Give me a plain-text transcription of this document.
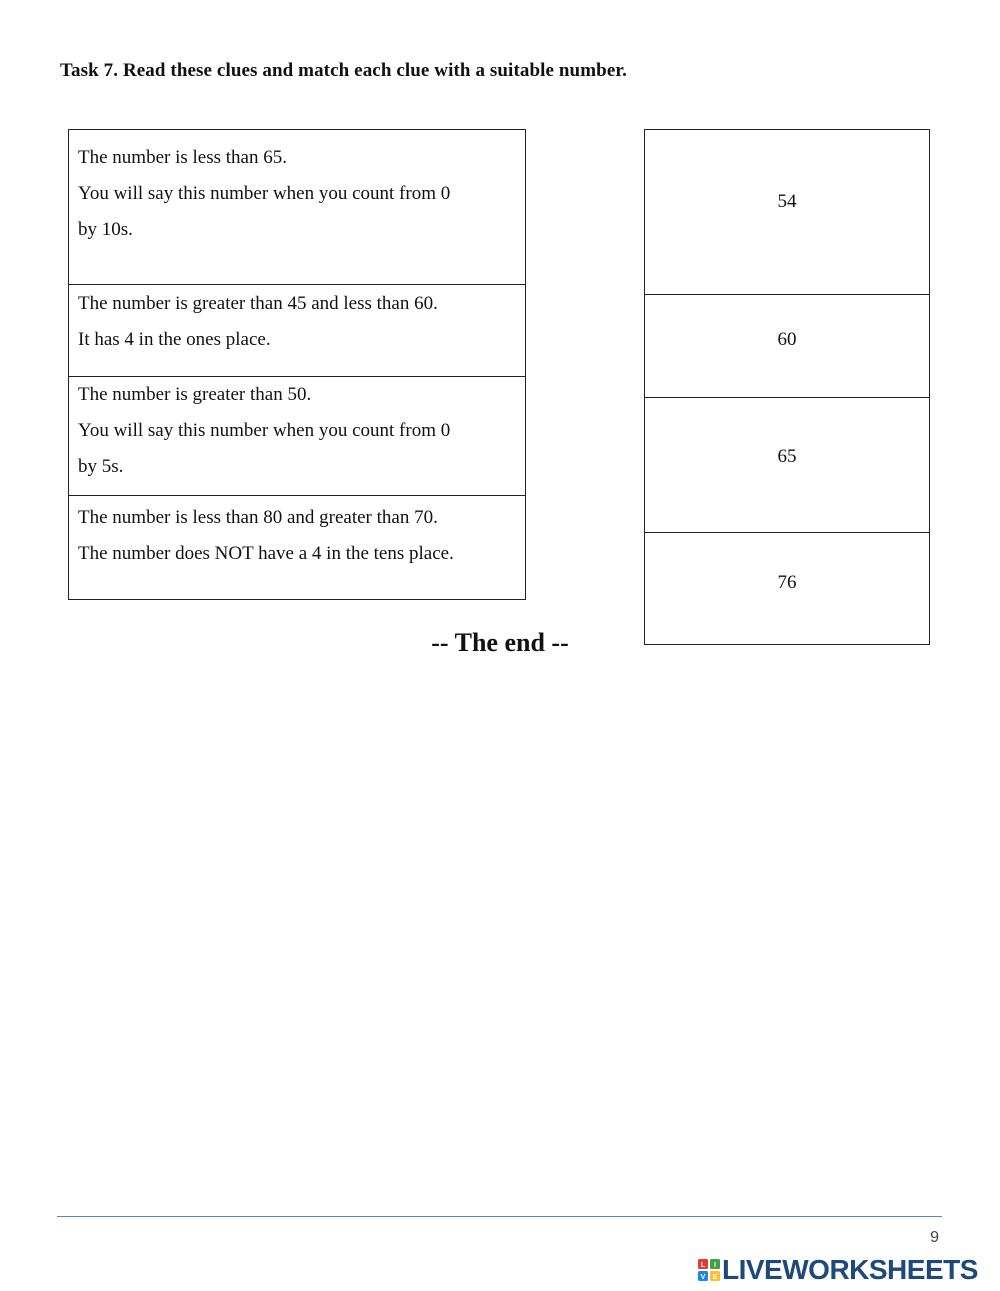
Task 7. Read these clues and match each clue with a suitable number.

The number is less than 65.

You will say this number when you count from 0

by 10s.

The number is greater than 45 and less than 60.

It has 4 in the ones place.

The number is greater than 50.

You will say this number when you count from 0

by 5s.

The number is less than 80 and greater than 70.

The number does NOT have a 4 in the tens place.

54
60
65
76
-- The end --
9
L I
V E LIVEWORKSHEETS
